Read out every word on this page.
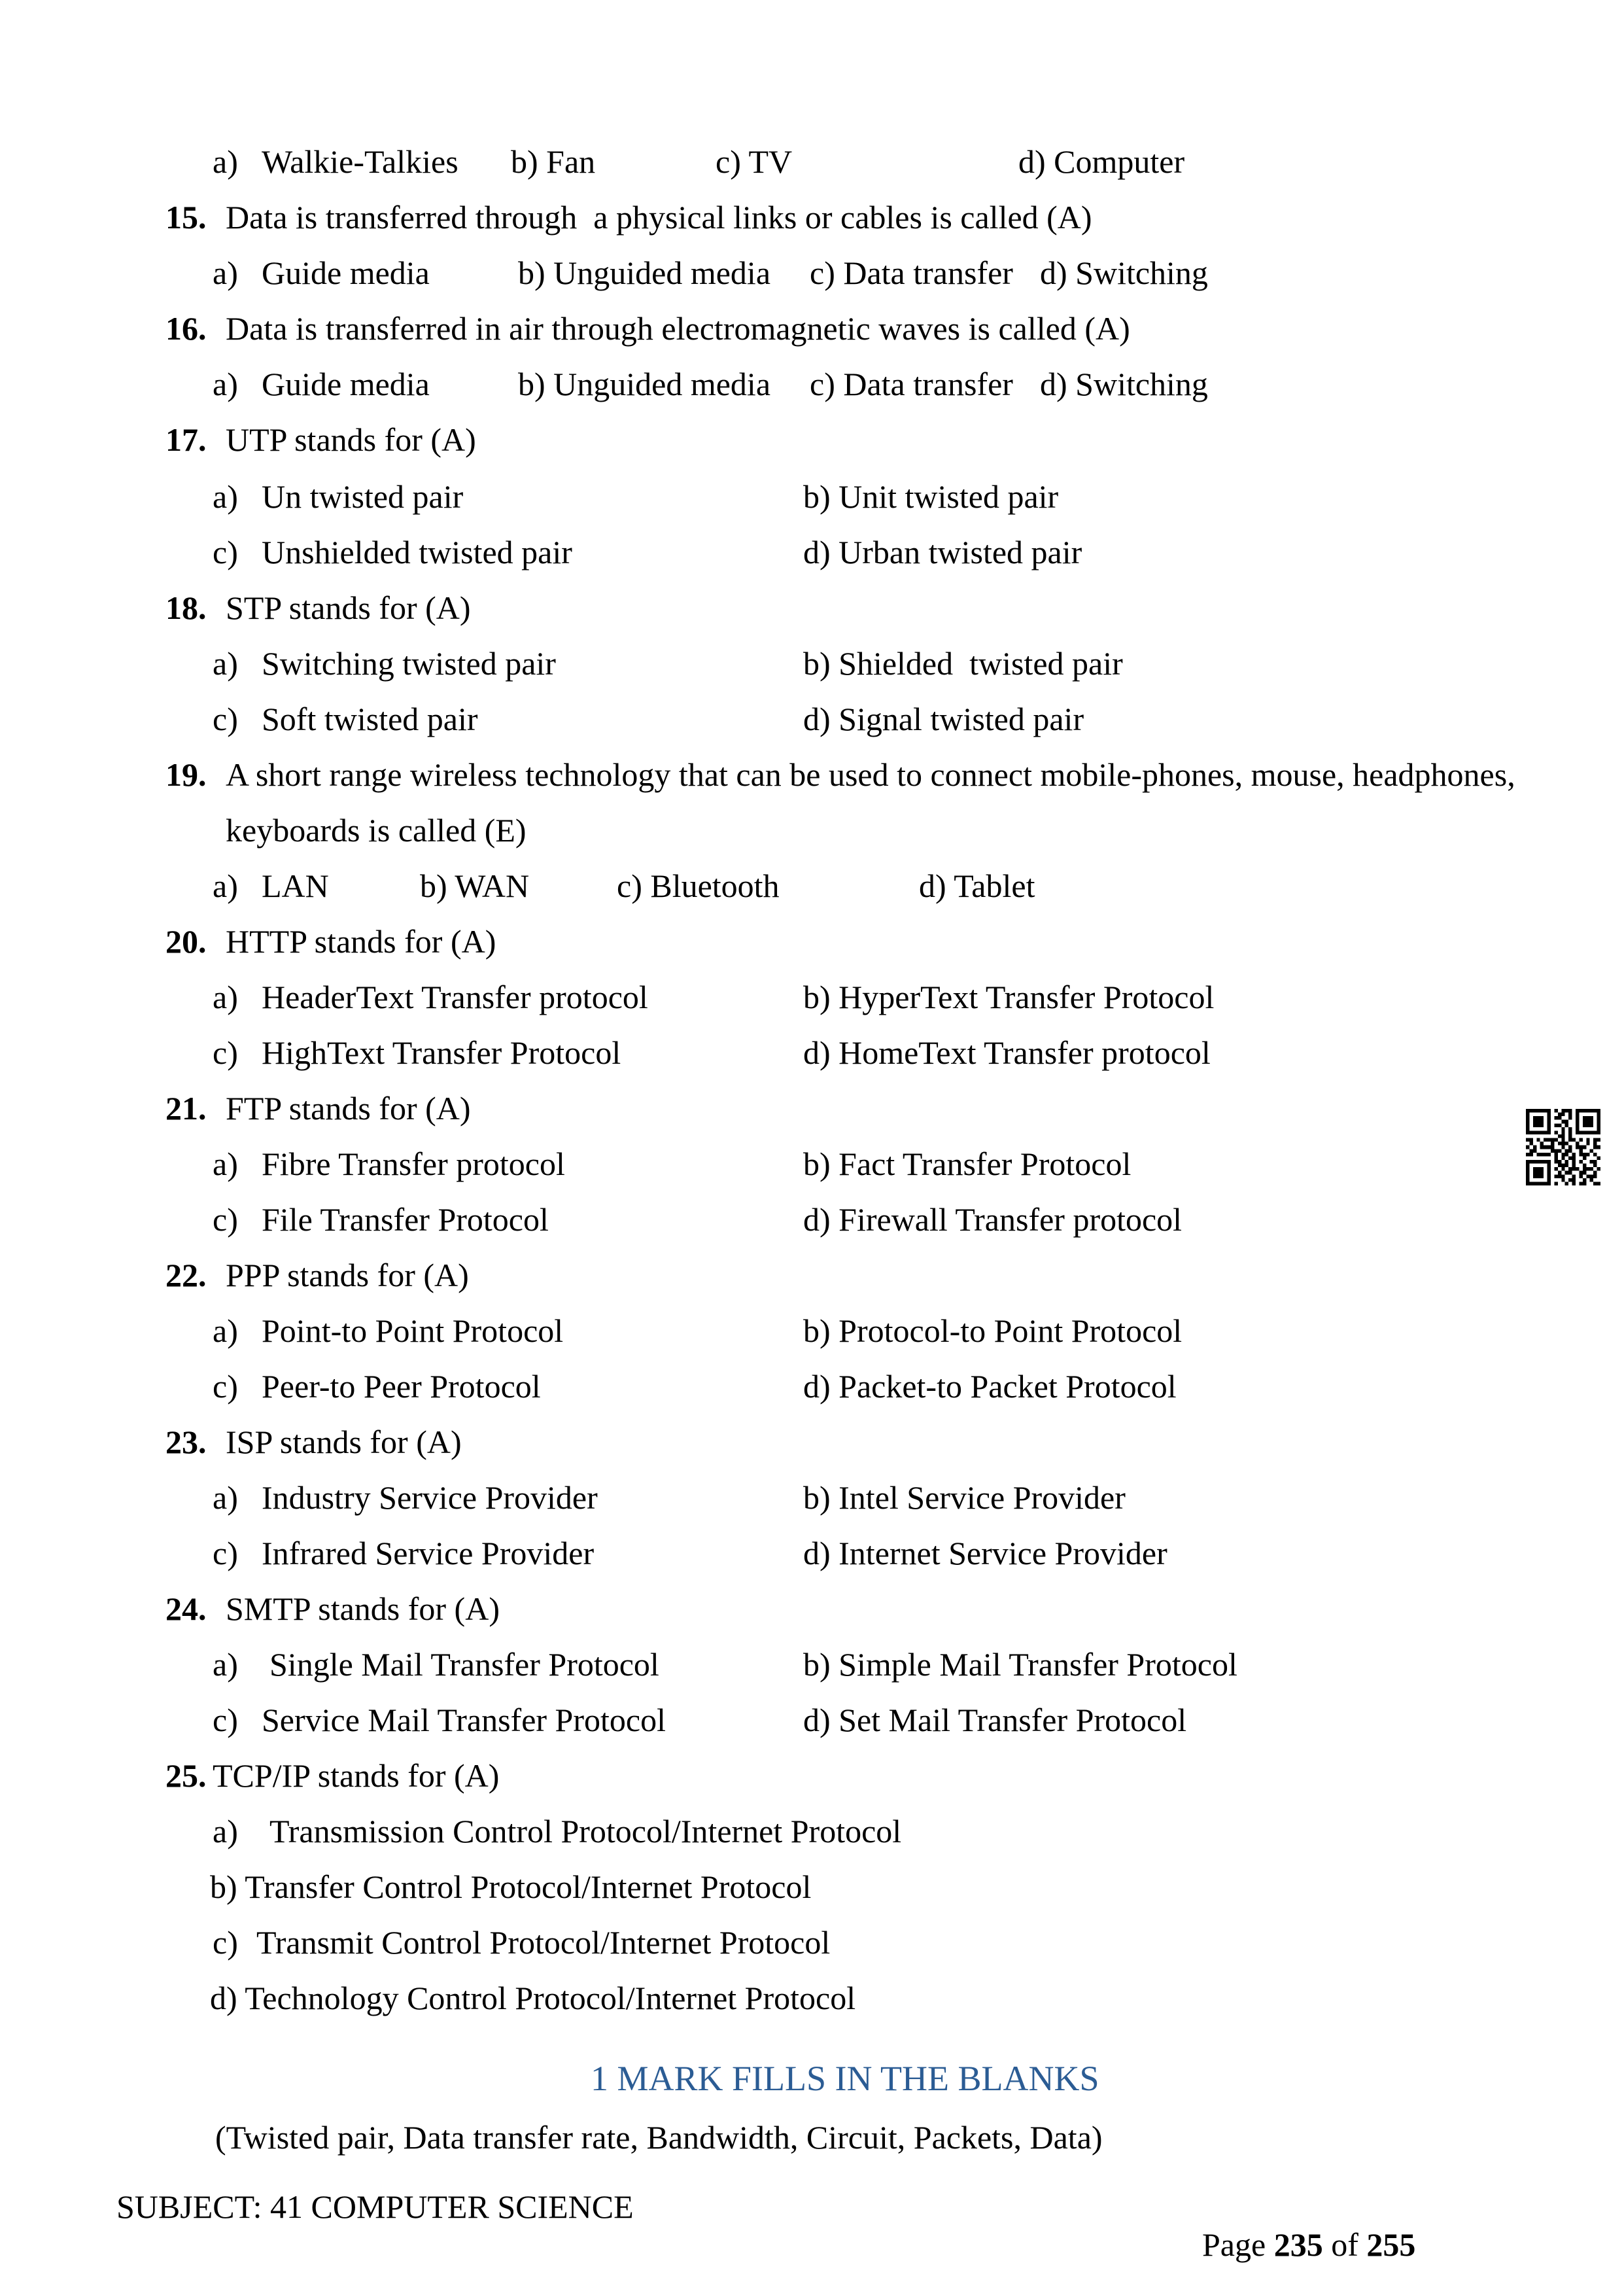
a) Walkie-Talkies b) Fan	c) TV	d) Computer
15. Data is transferred through  a physical links or cables is called (A)
a) Guide media	b) Unguided media c) Data transfer d) Switching
16. Data is transferred in air through electromagnetic waves is called (A)
a) Guide media	b) Unguided media c) Data transfer d) Switching
17. UTP stands for (A)
a) Un twisted pair	b) Unit twisted pair
c) Unshielded twisted pair	d) Urban twisted pair
18. STP stands for (A)
a) Switching twisted pair	b) Shielded  twisted pair
c) Soft twisted pair	d) Signal twisted pair
19. A short range wireless technology that can be used to connect mobile-phones, mouse, headphones,
keyboards is called (E)
a) LAN	b) WAN	c) Bluetooth	d) Tablet
20. HTTP stands for (A)
a) HeaderText Transfer protocol	b) HyperText Transfer Protocol
c) HighText Transfer Protocol	d) HomeText Transfer protocol
21. FTP stands for (A)
a) Fibre Transfer protocol	b) Fact Transfer Protocol
c) File Transfer Protocol	d) Firewall Transfer protocol
22. PPP stands for (A)
a) Point-to Point Protocol	b) Protocol-to Point Protocol
c) Peer-to Peer Protocol	d) Packet-to Packet Protocol
23. ISP stands for (A)
a) Industry Service Provider	b) Intel Service Provider
c) Infrared Service Provider	d) Internet Service Provider
24. SMTP stands for (A)
a) Single Mail Transfer Protocol	b) Simple Mail Transfer Protocol
c) Service Mail Transfer Protocol	d) Set Mail Transfer Protocol
25. TCP/IP stands for (A)
a) Transmission Control Protocol/Internet Protocol
b) Transfer Control Protocol/Internet Protocol
c) Transmit Control Protocol/Internet Protocol
d) Technology Control Protocol/Internet Protocol
1 MARK FILLS IN THE BLANKS
(Twisted pair, Data transfer rate, Bandwidth, Circuit, Packets, Data)
SUBJECT: 41 COMPUTER SCIENCE

Page 235 of 255
